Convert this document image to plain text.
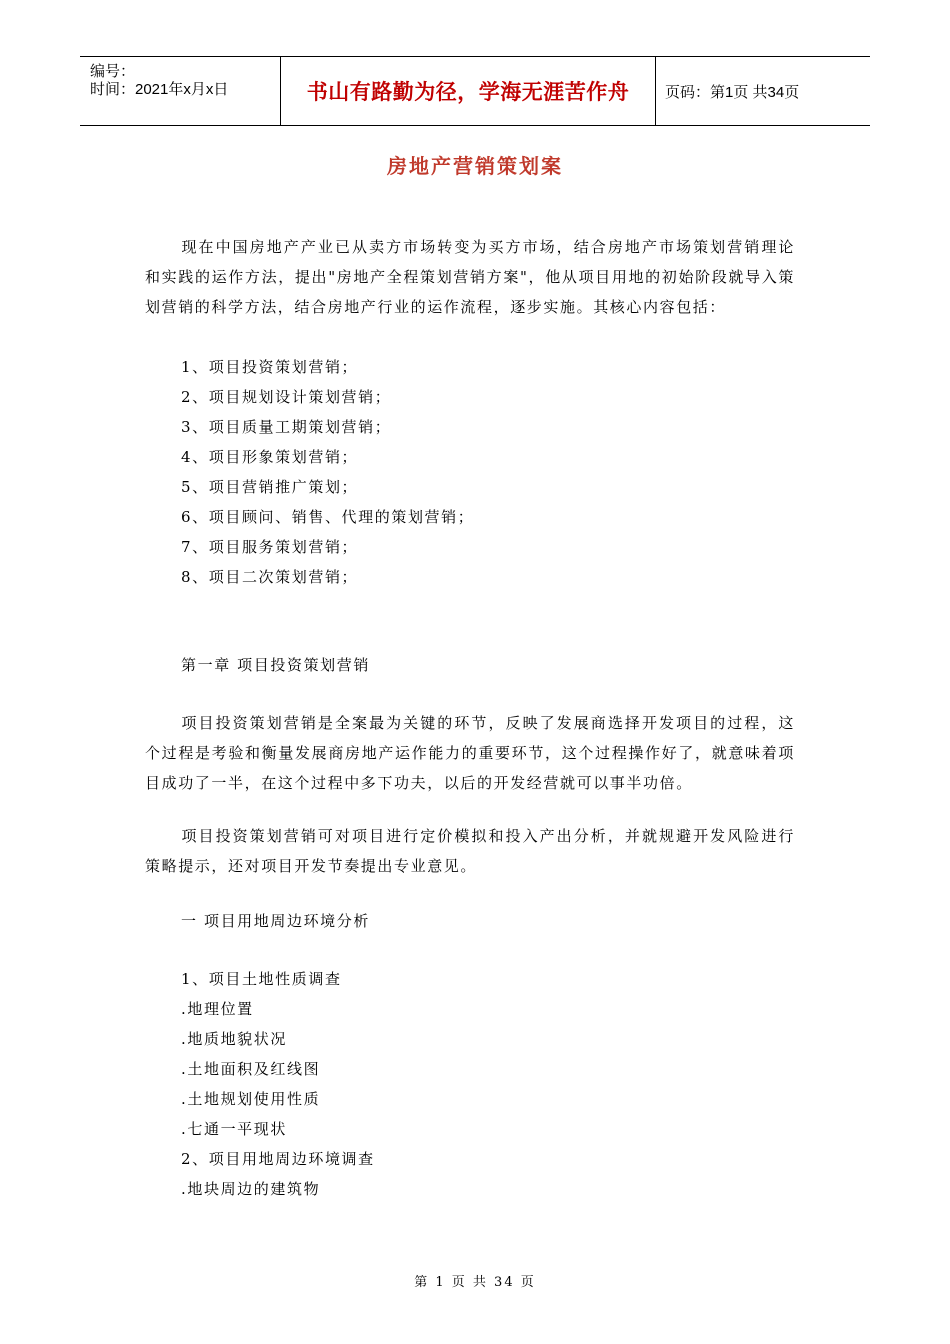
编号：
时间：2021年x月x日	书山有路勤为径，学海无涯苦作舟 页码：第1页 共34页
房地产营销策划案
现在中国房地产产业已从卖方市场转变为买方市场，结合房地产市场策划营销理论和实践的运作方法，提出"房地产全程策划营销方案"，他从项目用地的初始阶段就导入策划营销的科学方法，结合房地产行业的运作流程，逐步实施。其核心内容包括：
1、项目投资策划营销；
2、项目规划设计策划营销；
3、项目质量工期策划营销；
4、项目形象策划营销；
5、项目营销推广策划；
6、项目顾问、销售、代理的策划营销；
7、项目服务策划营销；
8、项目二次策划营销；
第一章 项目投资策划营销
项目投资策划营销是全案最为关键的环节，反映了发展商选择开发项目的过程，这个过程是考验和衡量发展商房地产运作能力的重要环节，这个过程操作好了，就意味着项目成功了一半，在这个过程中多下功夫，以后的开发经营就可以事半功倍。
项目投资策划营销可对项目进行定价模拟和投入产出分析，并就规避开发风险进行策略提示，还对项目开发节奏提出专业意见。
一 项目用地周边环境分析
1、项目土地性质调查
.地理位置
.地质地貌状况
.土地面积及红线图
.土地规划使用性质
.七通一平现状
2、项目用地周边环境调查
.地块周边的建筑物
第 1 页 共 34 页
